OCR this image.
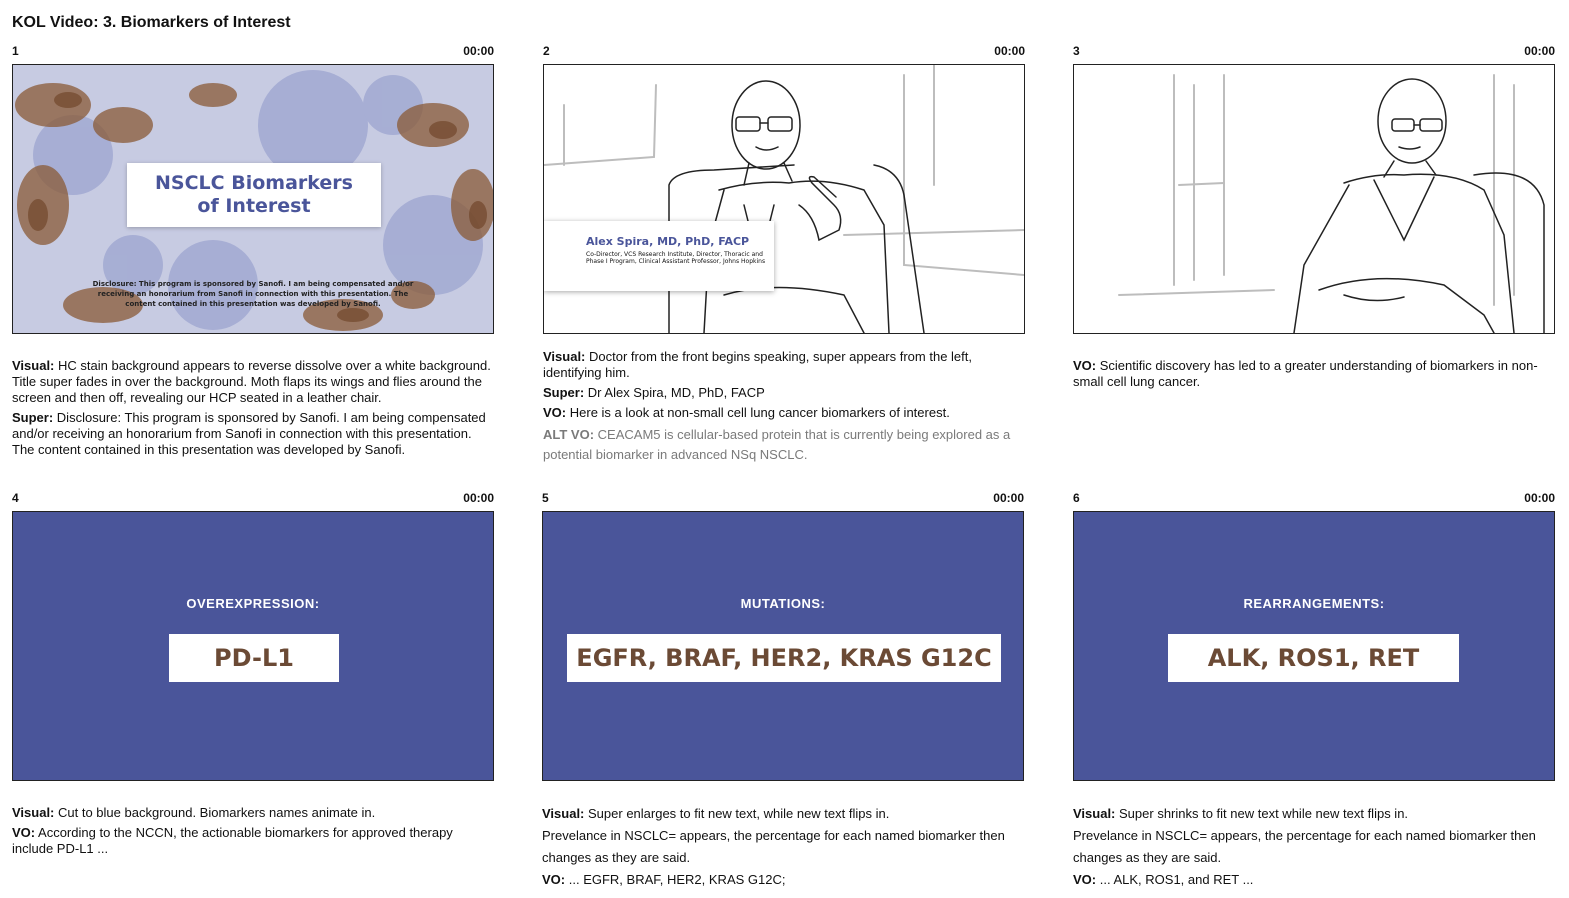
KOL Video: 3. Biomarkers of Interest
1	00:00
NSCLC Biomarkers
of Interest
Disclosure: This program is sponsored by Sanofi. I am being compensated and/or receiving an honorarium from Sanofi in connection with this presentation. The content contained in this presentation was developed by Sanofi.

Visual: HC stain background appears to reverse dissolve over a white background. Title super fades in over the background. Moth flaps its wings and flies around the screen and then off, revealing our HCP seated in a leather chair.

Super: Disclosure: This program is sponsored by Sanofi. I am being compensated and/or receiving an honorarium from Sanofi in connection with this presentation. The content contained in this presentation was developed by Sanofi.

2	00:00
Alex Spira, MD, PhD, FACP
Co-Director, VCS Research Institute, Director, Thoracic and Phase I Program, Clinical Assistant Professor, Johns Hopkins

Visual: Doctor from the front begins speaking, super appears from the left, identifying him.

Super: Dr Alex Spira, MD, PhD, FACP

VO: Here is a look at non-small cell lung cancer biomarkers of interest.

ALT VO: CEACAM5 is cellular-based protein that is currently being explored as a potential biomarker in advanced NSq NSCLC.

3	00:00

VO: Scientific discovery has led to a greater understanding of biomarkers in non-small cell lung cancer.

4	00:00
OVEREXPRESSION:
PD-L1

Visual: Cut to blue background. Biomarkers names animate in.

VO: According to the NCCN, the actionable biomarkers for approved therapy include PD-L1 ...

5	00:00
MUTATIONS:
EGFR, BRAF, HER2, KRAS G12C

Visual: Super enlarges to fit new text, while new text flips in.

Prevelance in NSCLC= appears, the percentage for each named biomarker then changes as they are said.

VO: ... EGFR, BRAF, HER2, KRAS G12C;

6	00:00
REARRANGEMENTS:
ALK, ROS1, RET

Visual: Super shrinks to fit new text while new text flips in.

Prevelance in NSCLC= appears, the percentage for each named biomarker then changes as they are said.

VO: ... ALK, ROS1, and RET ...
